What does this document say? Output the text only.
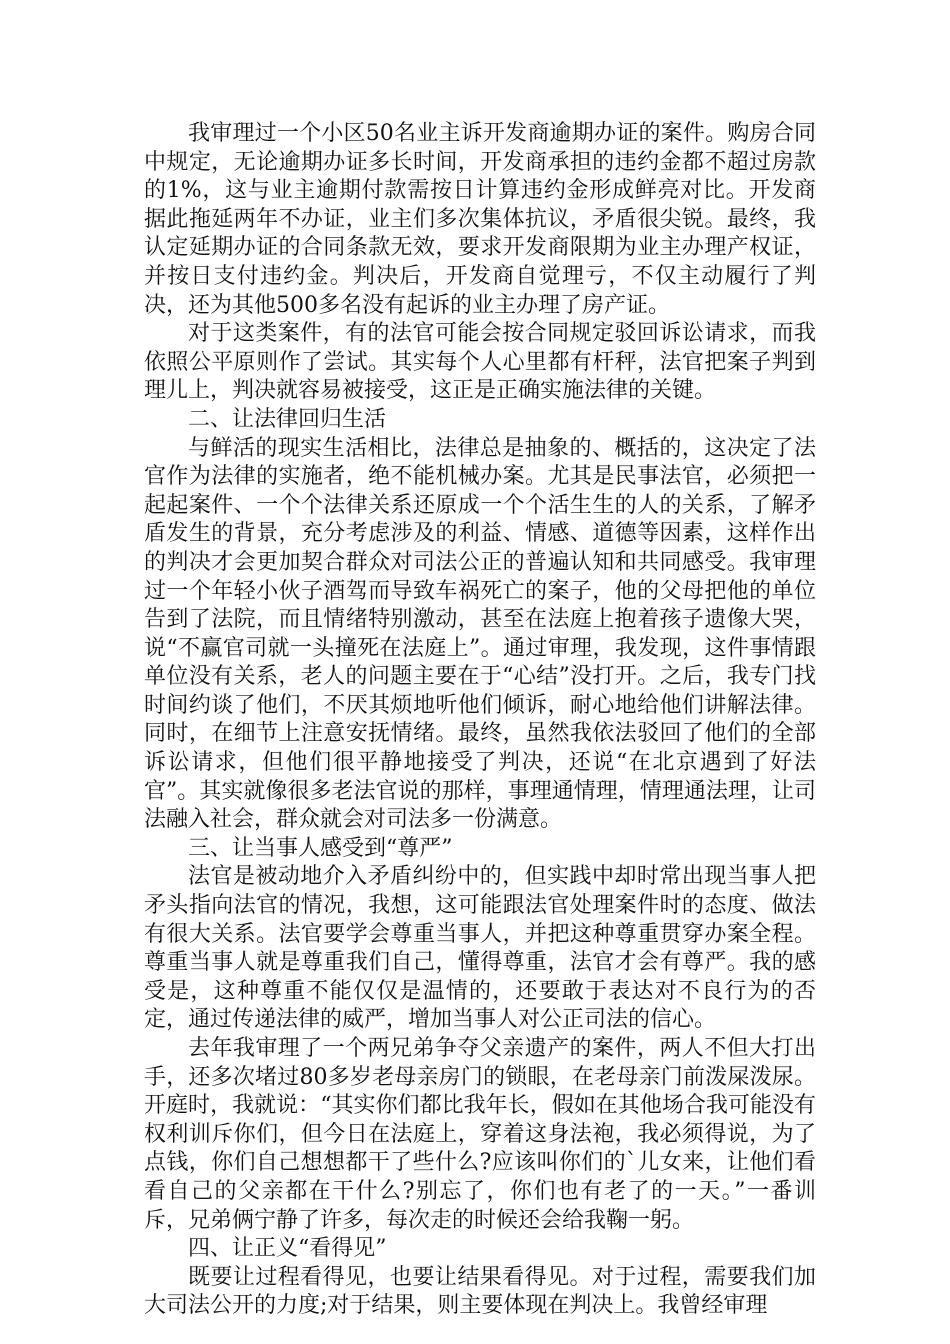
我审理过一个小区50名业主诉开发商逾期办证的案件。购房合同中规定，无论逾期办证多长时间，开发商承担的违约金都不超过房款的1%，这与业主逾期付款需按日计算违约金形成鲜亮对比。开发商据此拖延两年不办证，业主们多次集体抗议，矛盾很尖锐。最终，我认定延期办证的合同条款无效，要求开发商限期为业主办理产权证，并按日支付违约金。判决后，开发商自觉理亏，不仅主动履行了判决，还为其他500多名没有起诉的业主办理了房产证。

对于这类案件，有的法官可能会按合同规定驳回诉讼请求，而我依照公平原则作了尝试。其实每个人心里都有杆秤，法官把案子判到理儿上，判决就容易被接受，这正是正确实施法律的关键。

二、让法律回归生活

与鲜活的现实生活相比，法律总是抽象的、概括的，这决定了法官作为法律的实施者，绝不能机械办案。尤其是民事法官，必须把一起起案件、一个个法律关系还原成一个个活生生的人的关系，了解矛盾发生的背景，充分考虑涉及的利益、情感、道德等因素，这样作出的判决才会更加契合群众对司法公正的普遍认知和共同感受。我审理过一个年轻小伙子酒驾而导致车祸死亡的案子，他的父母把他的单位告到了法院，而且情绪特别激动，甚至在法庭上抱着孩子遗像大哭，说“不赢官司就一头撞死在法庭上”。通过审理，我发现，这件事情跟单位没有关系，老人的问题主要在于“心结”没打开。之后，我专门找时间约谈了他们，不厌其烦地听他们倾诉，耐心地给他们讲解法律。同时，在细节上注意安抚情绪。最终，虽然我依法驳回了他们的全部诉讼请求，但他们很平静地接受了判决，还说“在北京遇到了好法官”。其实就像很多老法官说的那样，事理通情理，情理通法理，让司法融入社会，群众就会对司法多一份满意。

三、让当事人感受到“尊严”

法官是被动地介入矛盾纠纷中的，但实践中却时常出现当事人把矛头指向法官的情况，我想，这可能跟法官处理案件时的态度、做法有很大关系。法官要学会尊重当事人，并把这种尊重贯穿办案全程。尊重当事人就是尊重我们自己，懂得尊重，法官才会有尊严。我的感受是，这种尊重不能仅仅是温情的，还要敢于表达对不良行为的否定，通过传递法律的威严，增加当事人对公正司法的信心。

去年我审理了一个两兄弟争夺父亲遗产的案件，两人不但大打出手，还多次堵过80多岁老母亲房门的锁眼，在老母亲门前泼屎泼尿。开庭时，我就说：“其实你们都比我年长，假如在其他场合我可能没有权利训斥你们，但今日在法庭上，穿着这身法袍，我必须得说，为了点钱，你们自己想想都干了些什么?应该叫你们的`儿女来，让他们看看自己的父亲都在干什么?别忘了，你们也有老了的一天。”一番训斥，兄弟俩宁静了许多，每次走的时候还会给我鞠一躬。

四、让正义“看得见”

既要让过程看得见，也要让结果看得见。对于过程，需要我们加大司法公开的力度;对于结果，则主要体现在判决上。我曾经审理
